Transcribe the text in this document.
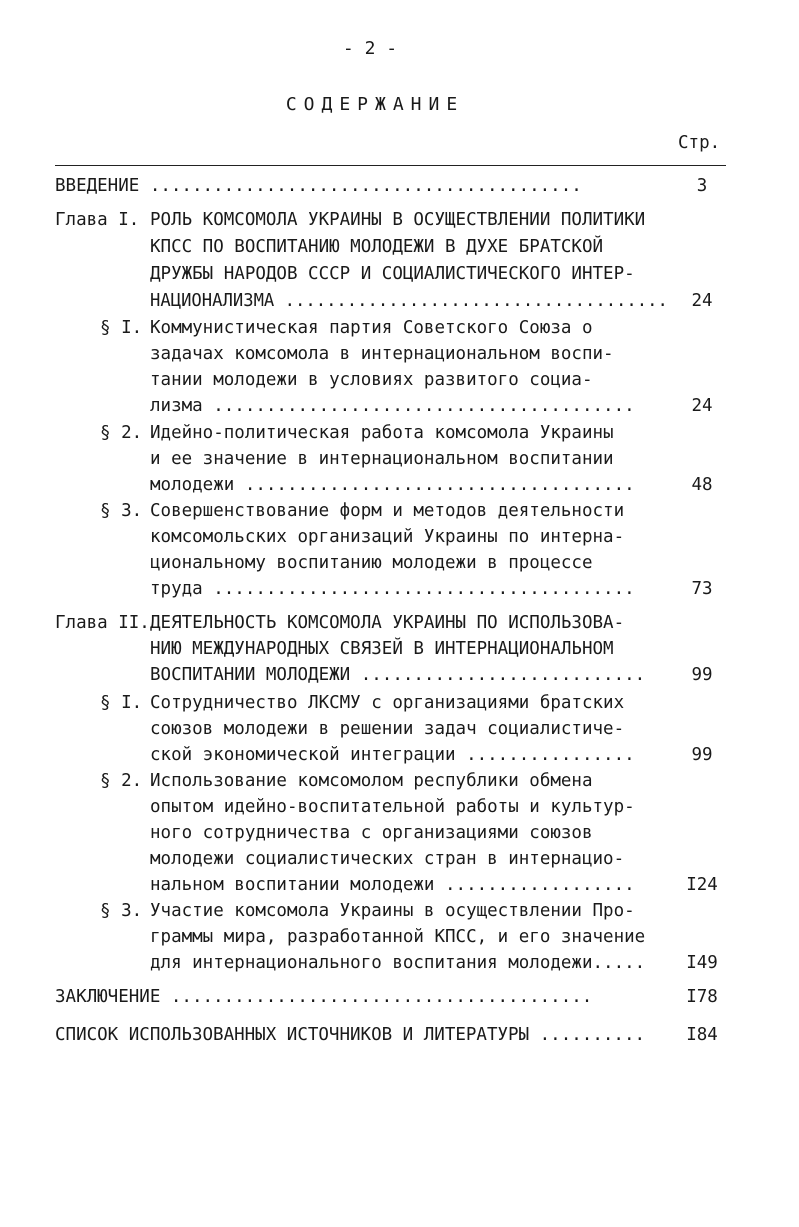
- 2 -
СОДЕРЖАНИЕ
Стр.
ВВЕДЕНИЕ .........................................	3
Глава I. РОЛЬ КОМСОМОЛА УКРАИНЫ В ОСУЩЕСТВЛЕНИИ ПОЛИТИКИ
КПСС ПО ВОСПИТАНИЮ МОЛОДЕЖИ В ДУХЕ БРАТСКОЙ
ДРУЖБЫ НАРОДОВ СССР И СОЦИАЛИСТИЧЕСКОГО ИНТЕР-
НАЦИОНАЛИЗМА .....................................	24
§ I. Коммунистическая партия Советского Союза о
задачах комсомола в интернациональном воспи-
тании молодежи в условиях развитого социа-
лизма ........................................	24
§ 2. Идейно-политическая работа комсомола Украины
и ее значение в интернациональном воспитании
молодежи .....................................	48
§ 3. Совершенствование форм и методов деятельности
комсомольских организаций Украины по интерна-
циональному воспитанию молодежи в процессе
труда ........................................	73
Глава II. ДЕЯТЕЛЬНОСТЬ КОМСОМОЛА УКРАИНЫ ПО ИСПОЛЬЗОВА-
НИЮ МЕЖДУНАРОДНЫХ СВЯЗЕЙ В ИНТЕРНАЦИОНАЛЬНОМ
ВОСПИТАНИИ МОЛОДЕЖИ ...........................	99
§ I. Сотрудничество ЛКСМУ с организациями братских
союзов молодежи в решении задач социалистиче-
ской экономической интеграции ................	99
§ 2. Использование комсомолом республики обмена
опытом идейно-воспитательной работы и культур-
ного сотрудничества с организациями союзов
молодежи социалистических стран в интернацио-
нальном воспитании молодежи ..................	I24
§ 3. Участие комсомола Украины в осуществлении Про-
граммы мира, разработанной КПСС, и его значение
для интернационального воспитания молодежи.....	I49
ЗАКЛЮЧЕНИЕ ........................................	I78
СПИСОК ИСПОЛЬЗОВАННЫХ ИСТОЧНИКОВ И ЛИТЕРАТУРЫ ..........	I84
